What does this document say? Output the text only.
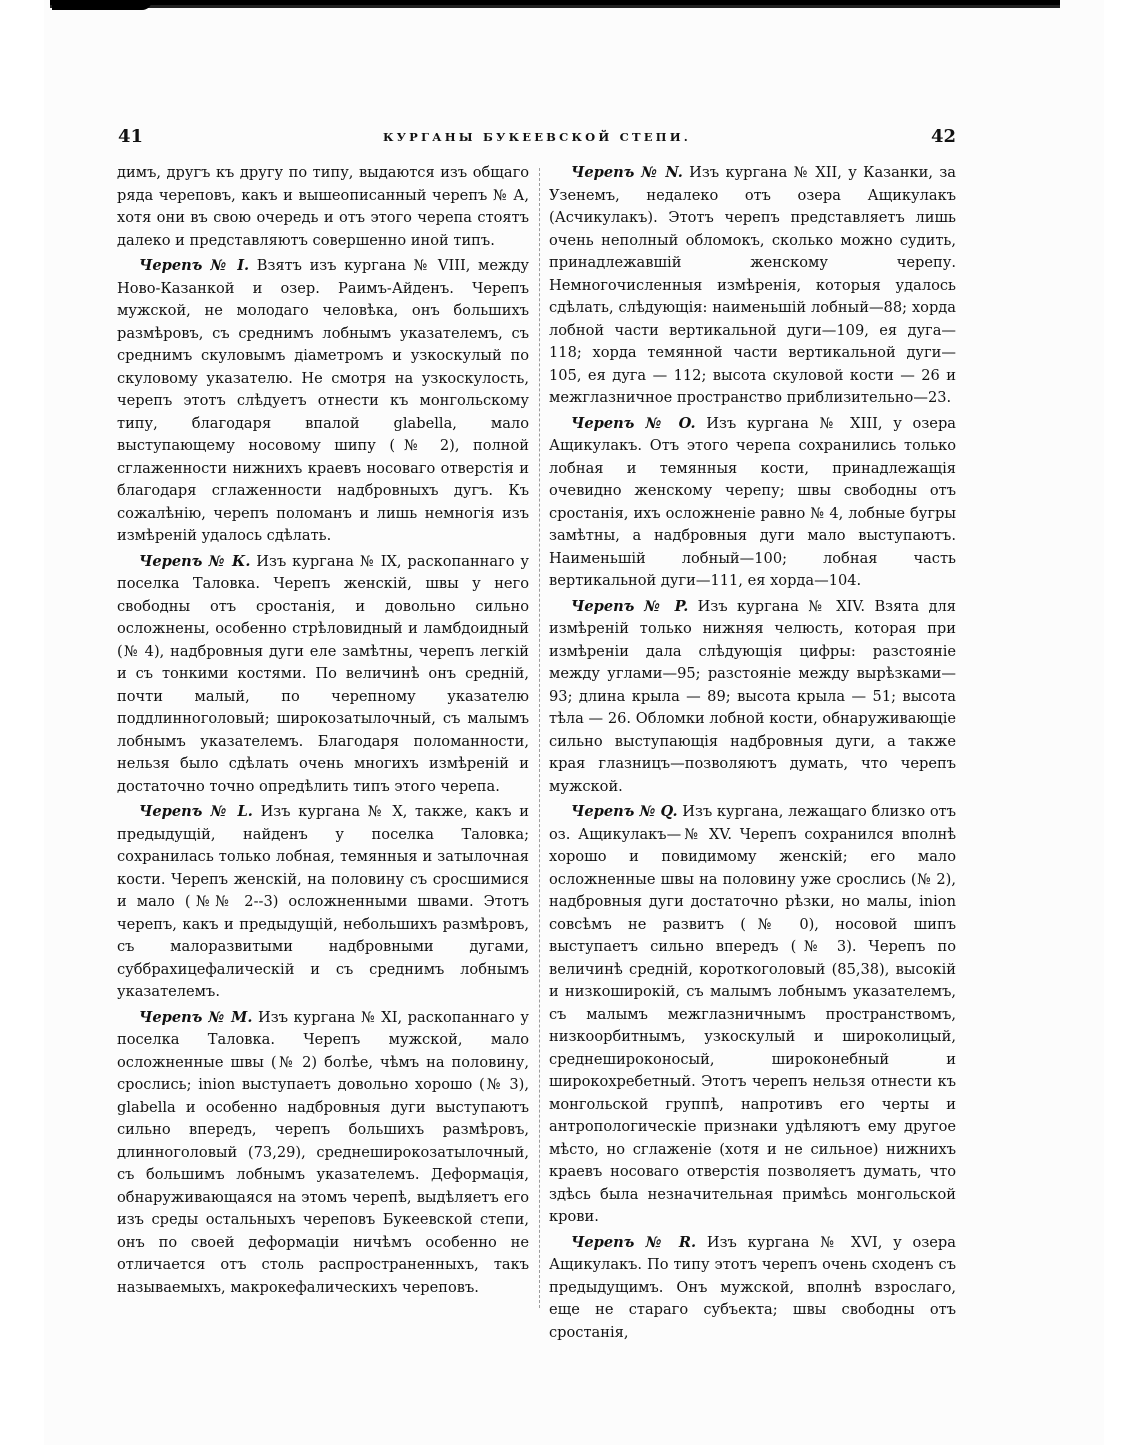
41	КУРГАНЫ БУКЕЕВСКОЙ СТЕПИ.	42

димъ, другъ къ другу по типу, выдаются изъ общаго ряда череповъ, какъ и вышеописанный черепъ № А, хотя они въ свою очередь и отъ этого черепа стоятъ далеко и представляютъ совершенно иной типъ.

Черепъ № I. Взятъ изъ кургана № VIII, между Ново-Казанкой и озер. Раимъ-Айденъ. Черепъ мужской, не молодаго человѣка, онъ большихъ размѣровъ, съ среднимъ лобнымъ указателемъ, съ среднимъ скуловымъ діаметромъ и узкоскулый по скуловому указателю. Не смотря на узкоскулость, черепъ этотъ слѣдуетъ отнести къ монгольскому типу, благодаря впалой glabella, мало выступающему носовому шипу (№ 2), полной сглаженности нижнихъ краевъ носоваго отверстія и благодаря сглаженности надбровныхъ дугъ. Къ сожалѣнію, черепъ поломанъ и лишь немногія изъ измѣреній удалось сдѣлать.

Черепъ № К. Изъ кургана № IX, раскопаннаго у поселка Таловка. Черепъ женскій, швы у него свободны отъ сростанія, и довольно сильно осложнены, особенно стрѣловидный и ламбдоидный (№ 4), надбровныя дуги еле замѣтны, черепъ легкій и съ тонкими костями. По величинѣ онъ средній, почти малый, по черепному указателю поддлинноголовый; широкозатылочный, съ малымъ лобнымъ указателемъ. Благодаря поломанности, нельзя было сдѣлать очень многихъ измѣреній и достаточно точно опредѣлить типъ этого черепа.

Черепъ № L. Изъ кургана № X, также, какъ и предыдущій, найденъ у поселка Таловка; сохранилась только лобная, темянныя и затылочная кости. Черепъ женскій, на половину съ сросшимися и мало (№№ 2--3) осложненными швами. Этотъ черепъ, какъ и предыдущій, небольшихъ размѣровъ, съ малоразвитыми надбровными дугами, суббрахицефалическій и съ среднимъ лобнымъ указателемъ.

Черепъ № M. Изъ кургана № XI, раскопаннаго у поселка Таловка. Черепъ мужской, мало осложненные швы (№ 2) болѣе, чѣмъ на половину, срослись; inion выступаетъ довольно хорошо (№ 3), glabella и особенно надбровныя дуги выступаютъ сильно впередъ, черепъ большихъ размѣровъ, длинноголовый (73,29), среднеширокозатылочный, съ большимъ лобнымъ указателемъ. Деформація, обнаруживающаяся на этомъ черепѣ, выдѣляетъ его изъ среды остальныхъ череповъ Букеевской степи, онъ по своей деформаціи ничѣмъ особенно не отличается отъ столь распространенныхъ, такъ называемыхъ, макрокефалическихъ череповъ.

Черепъ № N. Изъ кургана № XII, у Казанки, за Узенемъ, недалеко отъ озера Ащикулакъ (Асчикулакъ). Этотъ черепъ представляетъ лишь очень неполный обломокъ, сколько можно судить, принадлежавшій женскому черепу. Немногочисленныя измѣренія, которыя удалось сдѣлать, слѣдующія: наименьшій лобный—88; хорда лобной части вертикальной дуги—109, ея дуга—118; хорда темянной части вертикальной дуги—105, ея дуга — 112; высота скуловой кости — 26 и межглазничное пространство приблизительно—23.

Черепъ № O. Изъ кургана № XIII, у озера Ащикулакъ. Отъ этого черепа сохранились только лобная и темянныя кости, принадлежащія очевидно женскому черепу; швы свободны отъ сростанія, ихъ осложненіе равно № 4, лобные бугры замѣтны, а надбровныя дуги мало выступаютъ. Наименьшій лобный—100; лобная часть вертикальной дуги—111, ея хорда—104.

Черепъ № P. Изъ кургана № XIV. Взята для измѣреній только нижняя челюсть, которая при измѣреніи дала слѣдующія цифры: разстояніе между углами—95; разстояніе между вырѣзками—93; длина крыла — 89; высота крыла — 51; высота тѣла — 26. Обломки лобной кости, обнаруживающіе сильно выступающія надбровныя дуги, а также края глазницъ—позволяютъ думать, что черепъ мужской.

Черепъ № Q. Изъ кургана, лежащаго близко отъ оз. Ащикулакъ—№ XV. Черепъ сохранился вполнѣ хорошо и повидимому женскій; его мало осложненные швы на половину уже срослись (№ 2), надбровныя дуги достаточно рѣзки, но малы, inion совсѣмъ не развитъ (№ 0), носовой шипъ выступаетъ сильно впередъ (№ 3). Черепъ по величинѣ средній, короткоголовый (85,38), высокій и низкоширокій, съ малымъ лобнымъ указателемъ, съ малымъ межглазничнымъ пространствомъ, низкоорбитнымъ, узкоскулый и широколицый, среднешироконосый, широконебный и широкохребетный. Этотъ черепъ нельзя отнести къ монгольской группѣ, напротивъ его черты и антропологическіе признаки удѣляютъ ему другое мѣсто, но сглаженіе (хотя и не сильное) нижнихъ краевъ носоваго отверстія позволяетъ думать, что здѣсь была незначительная примѣсь монгольской крови.

Черепъ № R. Изъ кургана № XVI, у озера Ащикулакъ. По типу этотъ черепъ очень сходенъ съ предыдущимъ. Онъ мужской, вполнѣ взрослаго, еще не стараго субъекта; швы свободны отъ сростанія,
